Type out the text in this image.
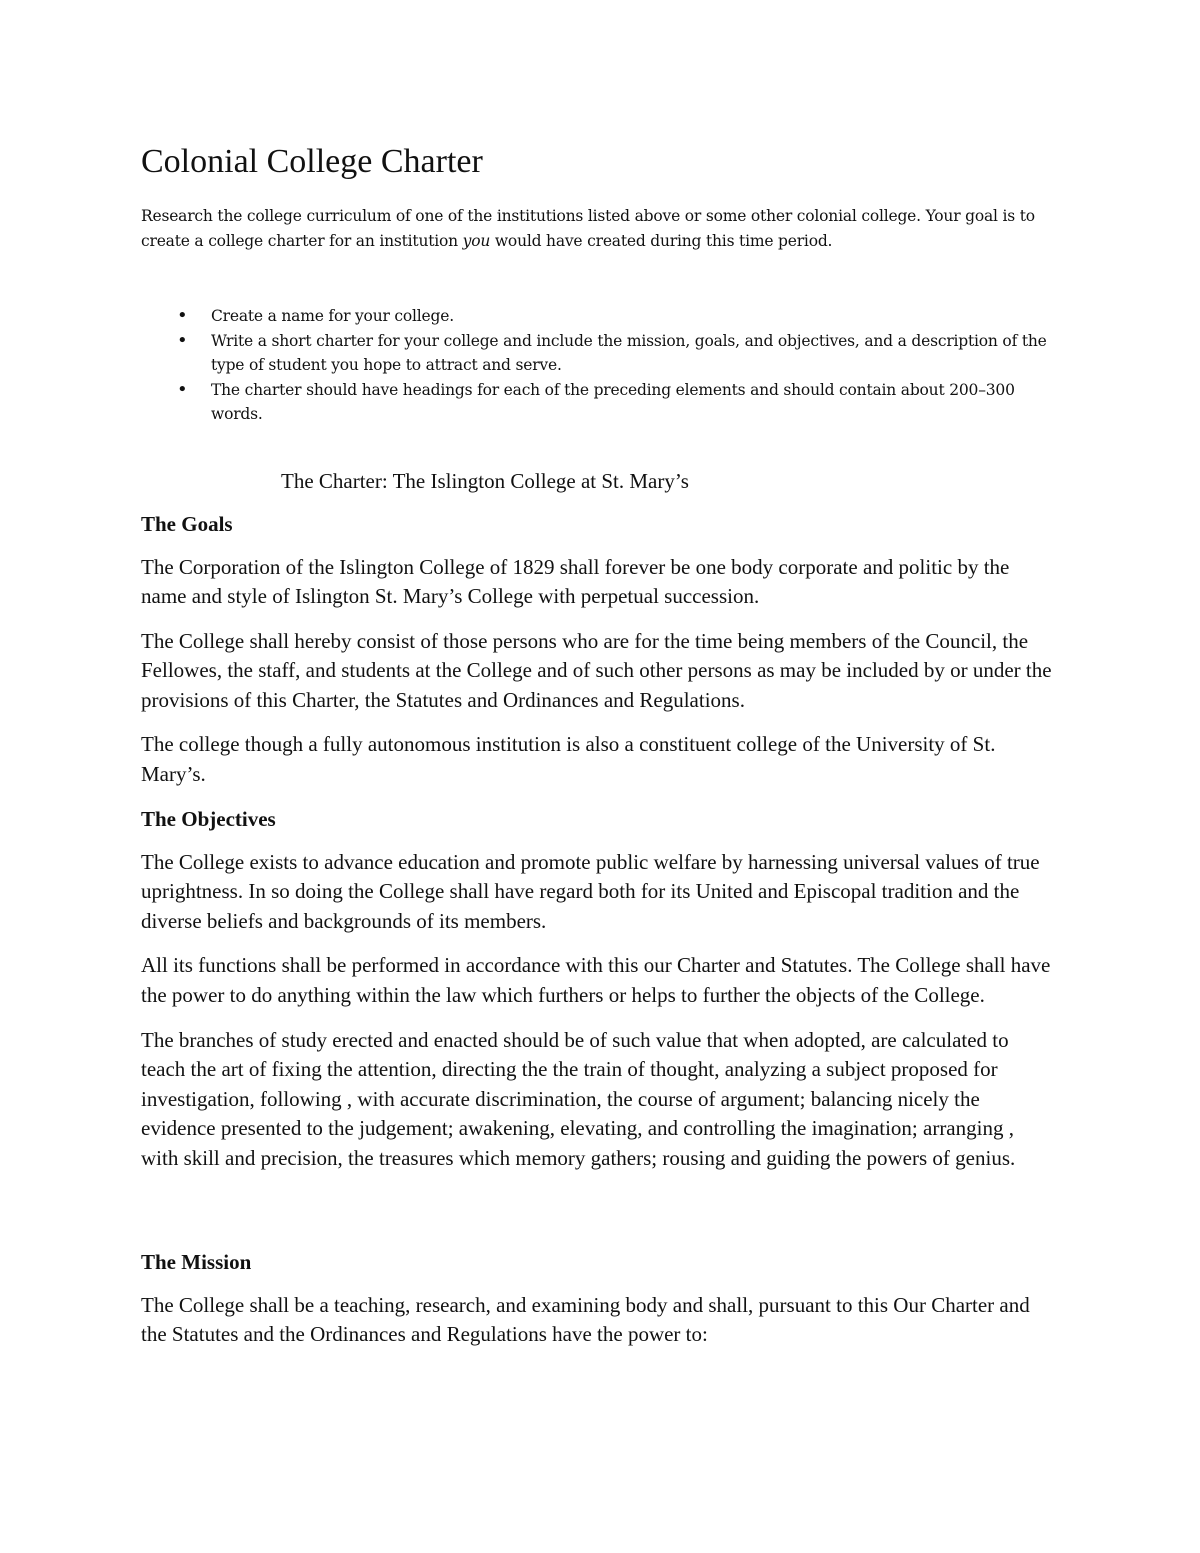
Colonial College Charter

Research the college curriculum of one of the institutions listed above or some other colonial college. Your goal is to create a college charter for an institution you would have created during this time period.

• Create a name for your college.
• Write a short charter for your college and include the mission, goals, and objectives, and a description of the type of student you hope to attract and serve.
• The charter should have headings for each of the preceding elements and should contain about 200–300 words.
The Charter: The Islington College at St. Mary’s
The Goals

The Corporation of the Islington College of 1829 shall forever be one body corporate and politic by the name and style of Islington St. Mary’s College with perpetual succession.

The College shall hereby consist of those persons who are for the time being members of the Council, the Fellowes, the staff, and students at the College and of such other persons as may be included by or under the provisions of this Charter, the Statutes and Ordinances and Regulations.

The college though a fully autonomous institution is also a constituent college of the University of St. Mary’s.

The Objectives

The College exists to advance education and promote public welfare by harnessing universal values of true uprightness. In so doing the College shall have regard both for its United and Episcopal tradition and the diverse beliefs and backgrounds of its members.

All its functions shall be performed in accordance with this our Charter and Statutes. The College shall have the power to do anything within the law which furthers or helps to further the objects of the College.

The branches of study erected and enacted should be of such value that when adopted, are calculated to teach the art of fixing the attention, directing the the train of thought, analyzing a subject proposed for investigation, following , with accurate discrimination, the course of argument; balancing nicely the evidence presented to the judgement; awakening, elevating, and controlling the imagination; arranging , with skill and precision, the treasures which memory gathers; rousing and guiding the powers of genius.

The Mission

The College shall be a teaching, research, and examining body and shall, pursuant to this Our Charter and the Statutes and the Ordinances and Regulations have the power to:
